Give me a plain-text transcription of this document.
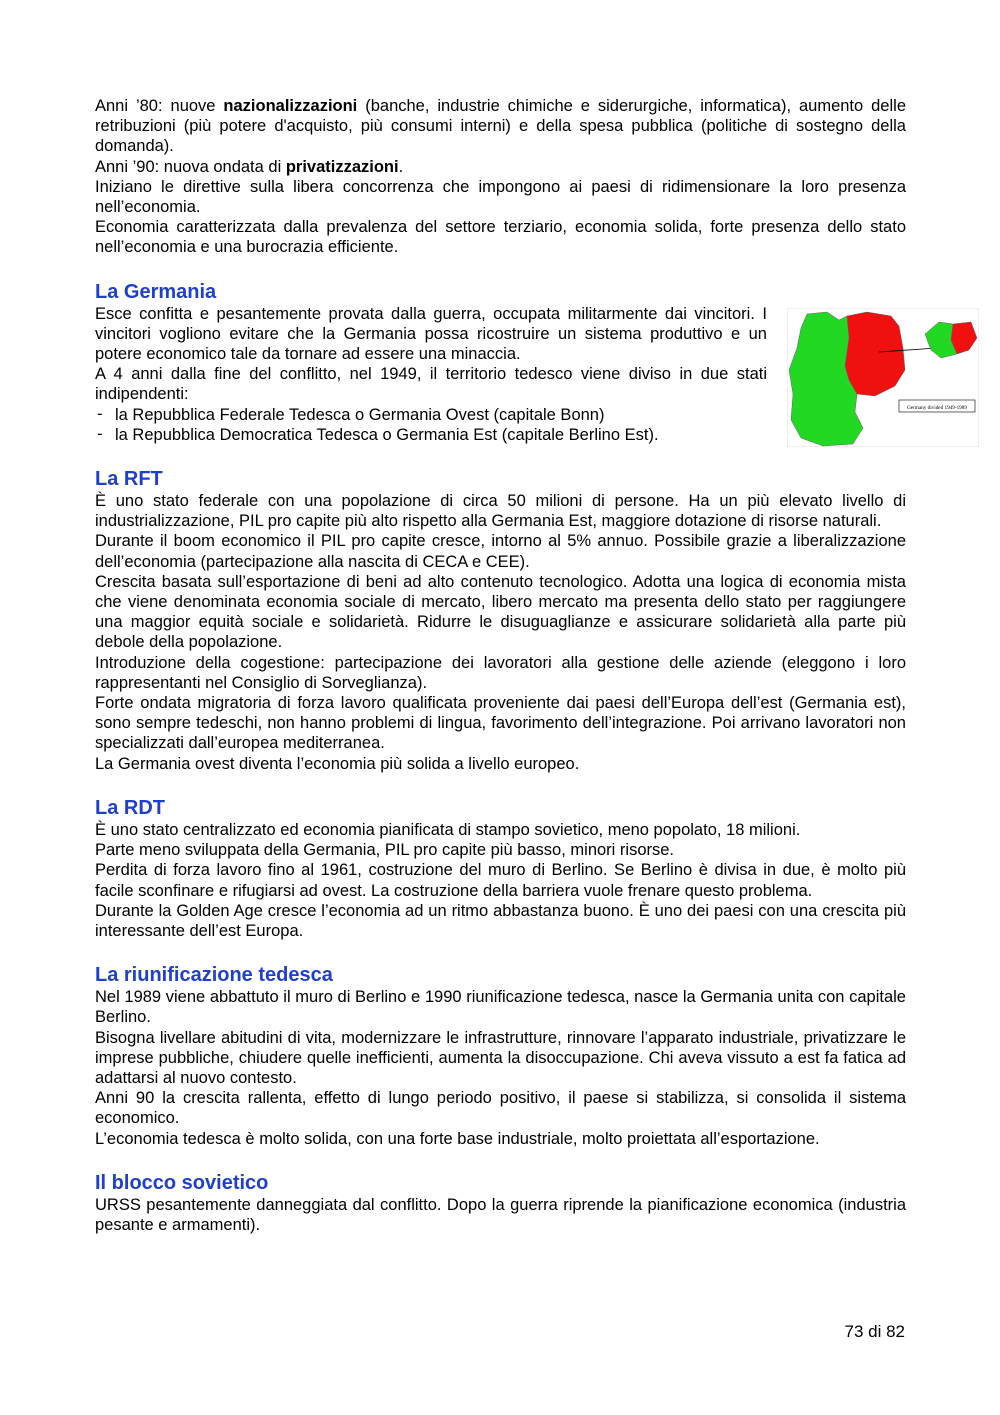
Anni ’80: nuove nazionalizzazioni (banche, industrie chimiche e siderurgiche, informatica), aumento delle retribuzioni (più potere d'acquisto, più consumi interni) e della spesa pubblica (politiche di sostegno della domanda).

Anni ’90: nuova ondata di privatizzazioni.

Iniziano le direttive sulla libera concorrenza che impongono ai paesi di ridimensionare la loro presenza nell’economia.

Economia caratterizzata dalla prevalenza del settore terziario, economia solida, forte presenza dello stato nell’economia e una burocrazia efficiente.

La Germania

Esce confitta e pesantemente provata dalla guerra, occupata militarmente dai vincitori. I vincitori vogliono evitare che la Germania possa ricostruire un sistema produttivo e un potere economico tale da tornare ad essere una minaccia.

A 4 anni dalla fine del conflitto, nel 1949, il territorio tedesco viene diviso in due stati indipendenti:

- la Repubblica Federale Tedesca o Germania Ovest (capitale Bonn)
- la Repubblica Democratica Tedesca o Germania Est (capitale Berlino Est).
Germany divided 1949-1989
La RFT

È uno stato federale con una popolazione di circa 50 milioni di persone. Ha un più elevato livello di industrializzazione, PIL pro capite più alto rispetto alla Germania Est, maggiore dotazione di risorse naturali.

Durante il boom economico il PIL pro capite cresce, intorno al 5% annuo. Possibile grazie a liberalizzazione dell’economia (partecipazione alla nascita di CECA e CEE).

Crescita basata sull’esportazione di beni ad alto contenuto tecnologico. Adotta una logica di economia mista che viene denominata economia sociale di mercato, libero mercato ma presenta dello stato per raggiungere una maggior equità sociale e solidarietà. Ridurre le disuguaglianze e assicurare solidarietà alla parte più debole della popolazione.

Introduzione della cogestione: partecipazione dei lavoratori alla gestione delle aziende (eleggono i loro rappresentanti nel Consiglio di Sorveglianza).

Forte ondata migratoria di forza lavoro qualificata proveniente dai paesi dell’Europa dell’est (Germania est), sono sempre tedeschi, non hanno problemi di lingua, favorimento dell’integrazione. Poi arrivano lavoratori non specializzati dall’europea mediterranea.

La Germania ovest diventa l’economia più solida a livello europeo.

La RDT

È uno stato centralizzato ed economia pianificata di stampo sovietico, meno popolato, 18 milioni.

Parte meno sviluppata della Germania, PIL pro capite più basso, minori risorse.

Perdita di forza lavoro fino al 1961, costruzione del muro di Berlino. Se Berlino è divisa in due, è molto più facile sconfinare e rifugiarsi ad ovest. La costruzione della barriera vuole frenare questo problema.

Durante la Golden Age cresce l’economia ad un ritmo abbastanza buono. È uno dei paesi con una crescita più interessante dell’est Europa.

La riunificazione tedesca

Nel 1989 viene abbattuto il muro di Berlino e 1990 riunificazione tedesca, nasce la Germania unita con capitale Berlino.

Bisogna livellare abitudini di vita, modernizzare le infrastrutture, rinnovare l’apparato industriale, privatizzare le imprese pubbliche, chiudere quelle inefficienti, aumenta la disoccupazione. Chi aveva vissuto a est fa fatica ad adattarsi al nuovo contesto.

Anni 90 la crescita rallenta, effetto di lungo periodo positivo, il paese si stabilizza, si consolida il sistema economico.

L’economia tedesca è molto solida, con una forte base industriale, molto proiettata all’esportazione.

Il blocco sovietico

URSS pesantemente danneggiata dal conflitto. Dopo la guerra riprende la pianificazione economica (industria pesante e armamenti).

73 di 82
